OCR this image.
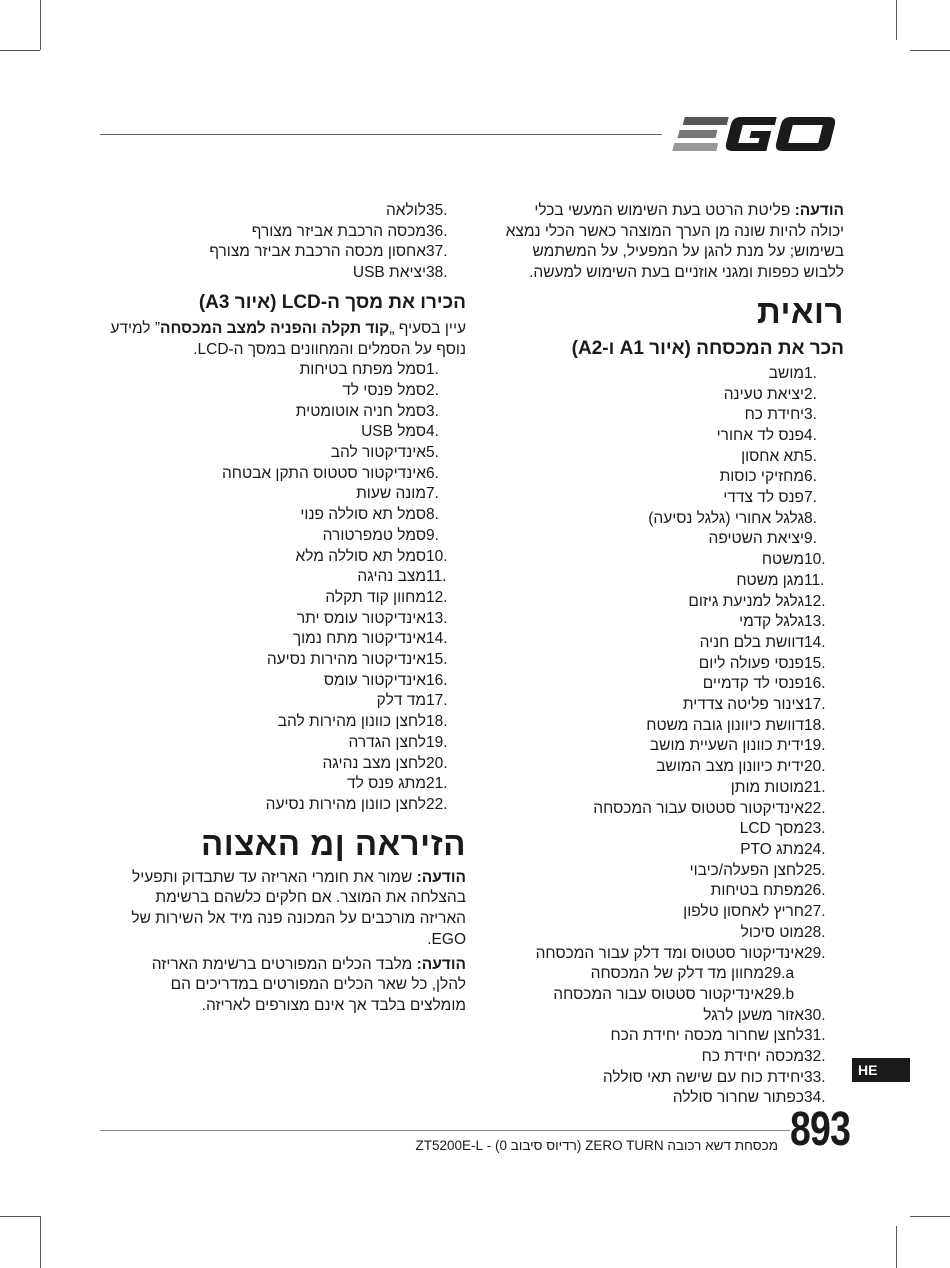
הודעה: פליטת הרטט בעת השימוש המעשי בכלי
יכולה להיות שונה מן הערך המוצהר כאשר הכלי נמצא
בשימוש; על מנת להגן על המפעיל, על המשתמש
ללבוש כפפות ומגני אוזניים בעת השימוש למעשה.
רואית
הכר את המכסחה (איור A1 ו-A2)
1.
מושב
2.
יציאת טעינה
3.
יחידת כח
4.
פנס לד אחורי
5.
תא אחסון
6.
מחזיקי כוסות
7.
פנס לד צדדי
8.
גלגל אחורי (גלגל נסיעה)
9.
יציאת השטיפה
10.
משטח
11.
מגן משטח
12.
גלגל למניעת גיזום
13.
גלגל קדמי
14.
דוושת בלם חניה
15.
פנסי פעולה ליום
16.
פנסי לד קדמיים
17.
צינור פליטה צדדית
18.
דוושת כיוונון גובה משטח
19.
ידית כוונון השעיית מושב
20.
ידית כיוונון מצב המושב
21.
מוטות מותן
22.
אינדיקטור סטטוס עבור המכסחה
23.
מסך LCD
24.
מתג PTO
25.
לחצן הפעלה/כיבוי
26.
מפתח בטיחות
27.
חריץ לאחסון טלפון
28.
מוט סיכול
29.
אינדיקטור סטטוס ומד דלק עבור המכסחה
29.a
מחוון מד דלק של המכסחה
29.b
אינדיקטור סטטוס עבור המכסחה
30.
אזור משען לרגל
31.
לחצן שחרור מכסה יחידת הכח
32.
מכסה יחידת כח
33.
יחידת כוח עם שישה תאי סוללה
34.
כפתור שחרור סוללה
35.
לולאה
36.
מכסה הרכבת אביזר מצורף
37.
אחסון מכסה הרכבת אביזר מצורף
38.
יציאת USB
הכירו את מסך ה-LCD (איור A3)
עיין בסעיף „קוד תקלה והפניה למצב המכסחה” למידע
נוסף על הסמלים והמחוונים במסך ה-LCD.
1.
סמל מפתח בטיחות
2.
סמל פנסי לד
3.
סמל חניה אוטומטית
4.
סמל USB
5.
אינדיקטור להב
6.
אינדיקטור סטטוס התקן אבטחה
7.
מונה שעות
8.
סמל תא סוללה פנוי
9.
סמל טמפרטורה
10.
סמל תא סוללה מלא
11.
מצב נהיגה
12.
מחוון קוד תקלה
13.
אינדיקטור עומס יתר
14.
אינדיקטור מתח נמוך
15.
אינדיקטור מהירות נסיעה
16.
אינדיקטור עומס
17.
מד דלק
18.
לחצן כוונון מהירות להב
19.
לחצן הגדרה
20.
לחצן מצב נהיגה
21.
מתג פנס לד
22.
לחצן כוונון מהירות נסיעה
הזיראה ןמ האצוה
הודעה: שמור את חומרי האריזה עד שתבדוק ותפעיל
בהצלחה את המוצר. אם חלקים כלשהם ברשימת
האריזה מורכבים על המכונה פנה מיד אל השירות של
EGO.
הודעה: מלבד הכלים המפורטים ברשימת האריזה
להלן, כל שאר הכלים המפורטים במדריכים הם
מומלצים בלבד אך אינם מצורפים לאריזה.
HE
893
מכסחת דשא רכובה ZERO TURN (רדיוס סיבוב 0) - ZT5200E-L
